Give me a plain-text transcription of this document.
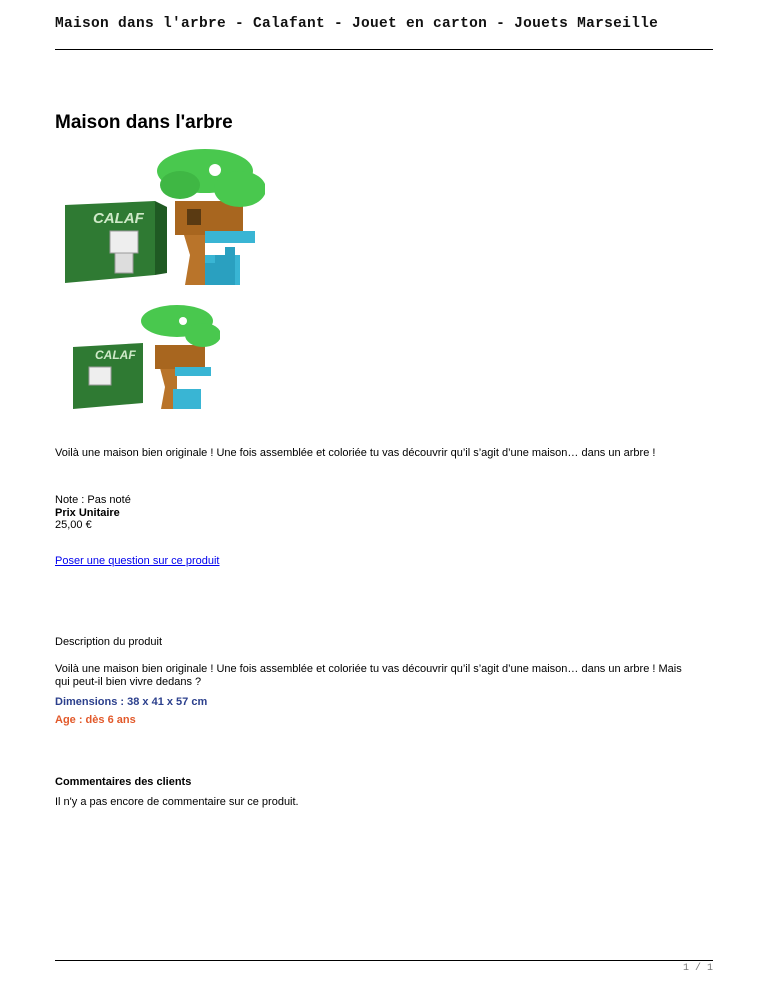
Maison dans l'arbre - Calafant - Jouet en carton - Jouets Marseille
Maison dans l'arbre
CALAF
CALAF
Voilà une maison bien originale ! Une fois assemblée et coloriée tu vas découvrir qu’il s’agit d’une maison… dans un arbre !
Note : Pas noté
Prix Unitaire
25,00 €
Poser une question sur ce produit
Description du produit
Voilà une maison bien originale ! Une fois assemblée et coloriée tu vas découvrir qu’il s’agit d’une maison… dans un arbre ! Mais qui peut-il bien vivre dedans ?
Dimensions : 38 x 41 x 57 cm
Age : dès 6 ans
Commentaires des clients
Il n'y a pas encore de commentaire sur ce produit.
1 / 1
